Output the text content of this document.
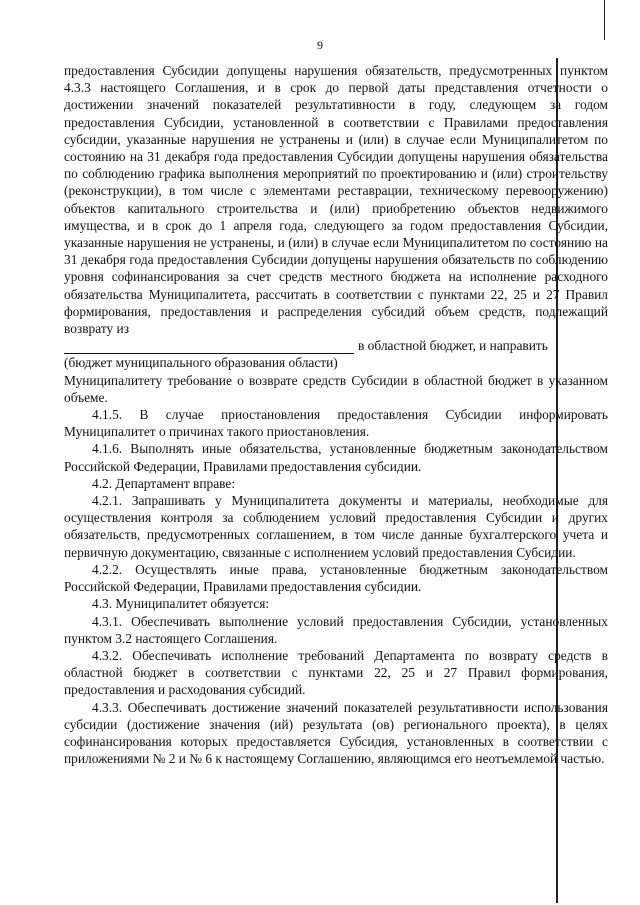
9

предоставления Субсидии допущены нарушения обязательств, предусмотренных пунктом 4.3.3 настоящего Соглашения, и в срок до первой даты представления отчетности о достижении значений показателей результативности в году, следующем за годом предоставления Субсидии, установленной в соответствии с Правилами предоставления субсидии, указанные нарушения не устранены и (или) в случае если Муниципалитетом по состоянию на 31 декабря года предоставления Субсидии допущены нарушения обязательства по соблюдению графика выполнения мероприятий по проектированию и (или) строительству (реконструкции), в том числе с элементами реставрации, техническому перевооружению) объектов капитального строительства и (или) приобретению объектов недвижимого имущества, и в срок до 1 апреля года, следующего за годом предоставления Субсидии, указанные нарушения не устранены, и (или) в случае если Муниципалитетом по состоянию на 31 декабря года предоставления Субсидии допущены нарушения обязательств по соблюдению уровня софинансирования за счет средств местного бюджета на исполнение расходного обязательства Муниципалитета, рассчитать в соответствии с пунктами 22, 25 и 27 Правил формирования, предоставления и распределения субсидий объем средств, подлежащий возврату из

в областной бюджет, и направить

(бюджет муниципального образования области)

Муниципалитету требование о возврате средств Субсидии в областной бюджет в указанном объеме.

4.1.5. В случае приостановления предоставления Субсидии информировать Муниципалитет о причинах такого приостановления.

4.1.6. Выполнять иные обязательства, установленные бюджетным законодательством Российской Федерации, Правилами предоставления субсидии.

4.2. Департамент вправе:

4.2.1. Запрашивать у Муниципалитета документы и материалы, необходимые для осуществления контроля за соблюдением условий предоставления Субсидии и других обязательств, предусмотренных соглашением, в том числе данные бухгалтерского учета и первичную документацию, связанные с исполнением условий предоставления Субсидии.

4.2.2. Осуществлять иные права, установленные бюджетным законодательством Российской Федерации, Правилами предоставления субсидии.

4.3. Муниципалитет обязуется:

4.3.1. Обеспечивать выполнение условий предоставления Субсидии, установленных пунктом 3.2 настоящего Соглашения.

4.3.2. Обеспечивать исполнение требований Департамента по возврату средств в областной бюджет в соответствии с пунктами 22, 25 и 27 Правил формирования, предоставления и расходования субсидий.

4.3.3. Обеспечивать достижение значений показателей результативности использования субсидии (достижение значения (ий) результата (ов) регионального проекта), в целях софинансирования которых предоставляется Субсидия, установленных в соответствии с приложениями № 2 и № 6 к настоящему Соглашению, являющимся его неотъемлемой частью.
